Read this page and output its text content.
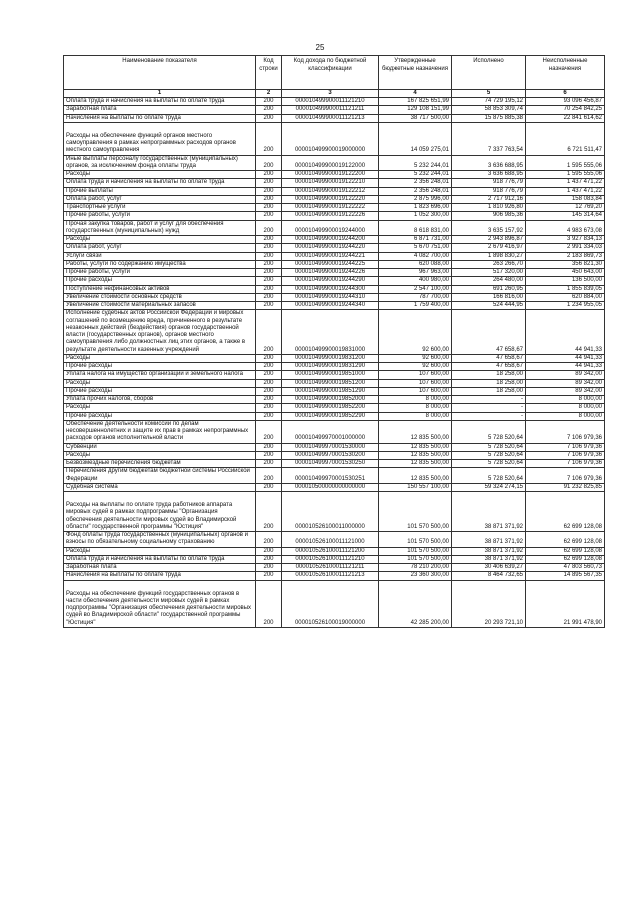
25
Наименование показателя	Код строки	Код дохода по бюджетной классификации	Утвержденные бюджетные назначения	Исполнено	Неисполненные назначения
1	2	3	4	5	6
Оплата труда и начисления на выплаты по оплате труда	200	000010499900011121210	167 825 651,99	74 729 195,12	93 096 456,87
Заработная плата	200	000010499900011121211	129 108 151,99	58 853 309,74	70 254 842,25
Начисления на выплаты по оплате труда	200	000010499900011121213	38 717 500,00	15 875 885,38	22 841 614,62
Расходы на обеспечение функций органов местного самоуправления в рамках непрограммных расходов органов местного самоуправления	200	000010499900019000000	14 059 275,01	7 337 763,54	6 721 511,47
Иные выплаты персоналу государственных (муниципальных) органов, за исключением фонда оплаты труда	200	000010499900019122000	5 232 244,01	3 636 688,95	1 595 555,06
Расходы	200	000010499900019122200	5 232 244,01	3 636 688,95	1 595 555,06
Оплата труда и начисления на выплаты по оплате труда	200	000010499900019122210	2 356 248,01	918 776,79	1 437 471,22
Прочие выплаты	200	000010499900019122212	2 356 248,01	918 776,79	1 437 471,22
Оплата работ, услуг	200	000010499900019122220	2 875 996,00	2 717 912,16	158 083,84
Транспортные услуги	200	000010499900019122222	1 823 696,00	1 810 926,80	12 769,20
Прочие работы, услуги	200	000010499900019122226	1 052 300,00	906 985,36	145 314,64
Прочая закупка товаров, работ и услуг для обеспечения государственных (муниципальных) нужд	200	000010499900019244000	8 618 831,00	3 635 157,92	4 983 673,08
Расходы	200	000010499900019244200	6 871 731,00	2 943 896,87	3 927 834,13
Оплата работ, услуг	200	000010499900019244220	5 670 751,00	2 679 416,97	2 991 334,03
Услуги связи	200	000010499900019244221	4 082 700,00	1 898 830,27	2 183 869,73
Работы, услуги по содержанию имущества	200	000010499900019244225	620 088,00	263 266,70	356 821,30
Прочие работы, услуги	200	000010499900019244226	967 963,00	517 320,00	450 643,00
Прочие расходы	200	000010499900019244290	400 980,00	264 480,00	136 500,00
Поступление нефинансовых активов	200	000010499900019244300	2 547 100,00	691 260,95	1 855 839,05
Увеличение стоимости основных средств	200	000010499900019244310	787 700,00	166 816,00	620 884,00
Увеличение стоимости материальных запасов	200	000010499900019244340	1 759 400,00	524 444,95	1 234 955,05
Исполнение судебных актов Российской Федерации и мировых соглашений по возмещению вреда, причиненного в результате незаконных действий (бездействия) органов государственной власти (государственных органов), органов местного самоуправления либо должностных лиц этих органов, а также в результате деятельности казенных учреждений	200	000010499900019831000	92 600,00	47 658,67	44 941,33
Расходы	200	000010499900019831200	92 600,00	47 658,67	44 941,33
Прочие расходы	200	000010499900019831290	92 600,00	47 658,67	44 941,33
Уплата налога на имущество организаций и земельного налога	200	000010499900019851000	107 600,00	18 258,00	89 342,00
Расходы	200	000010499900019851200	107 600,00	18 258,00	89 342,00
Прочие расходы	200	000010499900019851290	107 600,00	18 258,00	89 342,00
Уплата прочих налогов, сборов	200	000010499900019852000	8 000,00	-	8 000,00
Расходы	200	000010499900019852200	8 000,00	-	8 000,00
Прочие расходы	200	000010499900019852290	8 000,00	-	8 000,00
Обеспечение деятельности комиссий по делам несовершеннолетних и защите их прав в рамках непрограммных расходов органов исполнительной власти	200	000010499970001000000	12 835 500,00	5 728 520,64	7 106 979,36
Субвенции	200	000010499970001530000	12 835 500,00	5 728 520,64	7 106 979,36
Расходы	200	000010499970001530200	12 835 500,00	5 728 520,64	7 106 979,36
Безвозмездные перечисления бюджетам	200	000010499970001530250	12 835 500,00	5 728 520,64	7 106 979,36
Перечисления другим бюджетам бюджетной системы Российской Федерации	200	000010499970001530251	12 835 500,00	5 728 520,64	7 106 979,36
Судебная система	200	000010500000000000000	150 557 100,00	59 324 274,15	91 232 825,85
Расходы на выплаты по оплате труда работников аппарата мировых судей в рамках подпрограммы "Организация обеспечения деятельности мировых судей во Владимирской области" государственной программы "Юстиция"	200	000010526100011000000	101 570 500,00	38 871 371,92	62 699 128,08
Фонд оплаты труда государственных (муниципальных) органов и взносы по обязательному социальному страхованию	200	000010526100011121000	101 570 500,00	38 871 371,92	62 699 128,08
Расходы	200	000010526100011121200	101 570 500,00	38 871 371,92	62 699 128,08
Оплата труда и начисления на выплаты по оплате труда	200	000010526100011121210	101 570 500,00	38 871 371,92	62 699 128,08
Заработная плата	200	000010526100011121211	78 210 200,00	30 406 639,27	47 803 560,73
Начисления на выплаты по оплате труда	200	000010526100011121213	23 360 300,00	8 464 732,65	14 895 567,35
Расходы на обеспечение функций государственных органов в части обеспечения деятельности мировых судей в рамках подпрограммы "Организация обеспечения деятельности мировых судей во Владимирской области" государственной программы "Юстиция"	200	000010526100019000000	42 285 200,00	20 293 721,10	21 991 478,90
